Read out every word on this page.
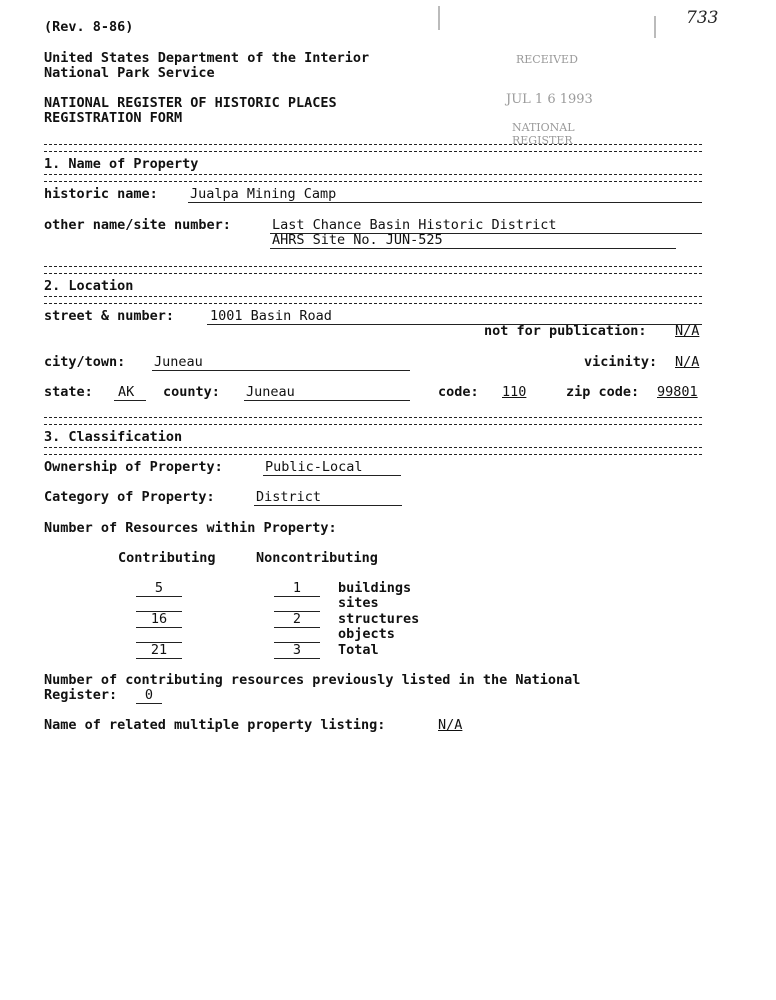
(Rev. 8-86)	733
United States Department of the Interior
National Park Service
RECEIVED
NATIONAL REGISTER OF HISTORIC PLACES
REGISTRATION FORM
JUL 1 6 1993
NATIONAL
REGISTER
1. Name of Property
historic name: Jualpa Mining Camp
other name/site number:	Last Chance Basin Historic District
AHRS Site No. JUN-525
2. Location
street & number:	1001 Basin Road
not for publication: N/A
city/town: Juneau	vicinity: N/A
state: AK county: Juneau	code: 110	zip code: 99801
3. Classification
Ownership of Property:	Public-Local
Category of Property:	District
Number of Resources within Property:
Contributing	Noncontributing
5	1	buildings
sites
16	2	structures
objects
21	3	Total
Number of contributing resources previously listed in the National
Register:	0
Name of related multiple property listing:	N/A
